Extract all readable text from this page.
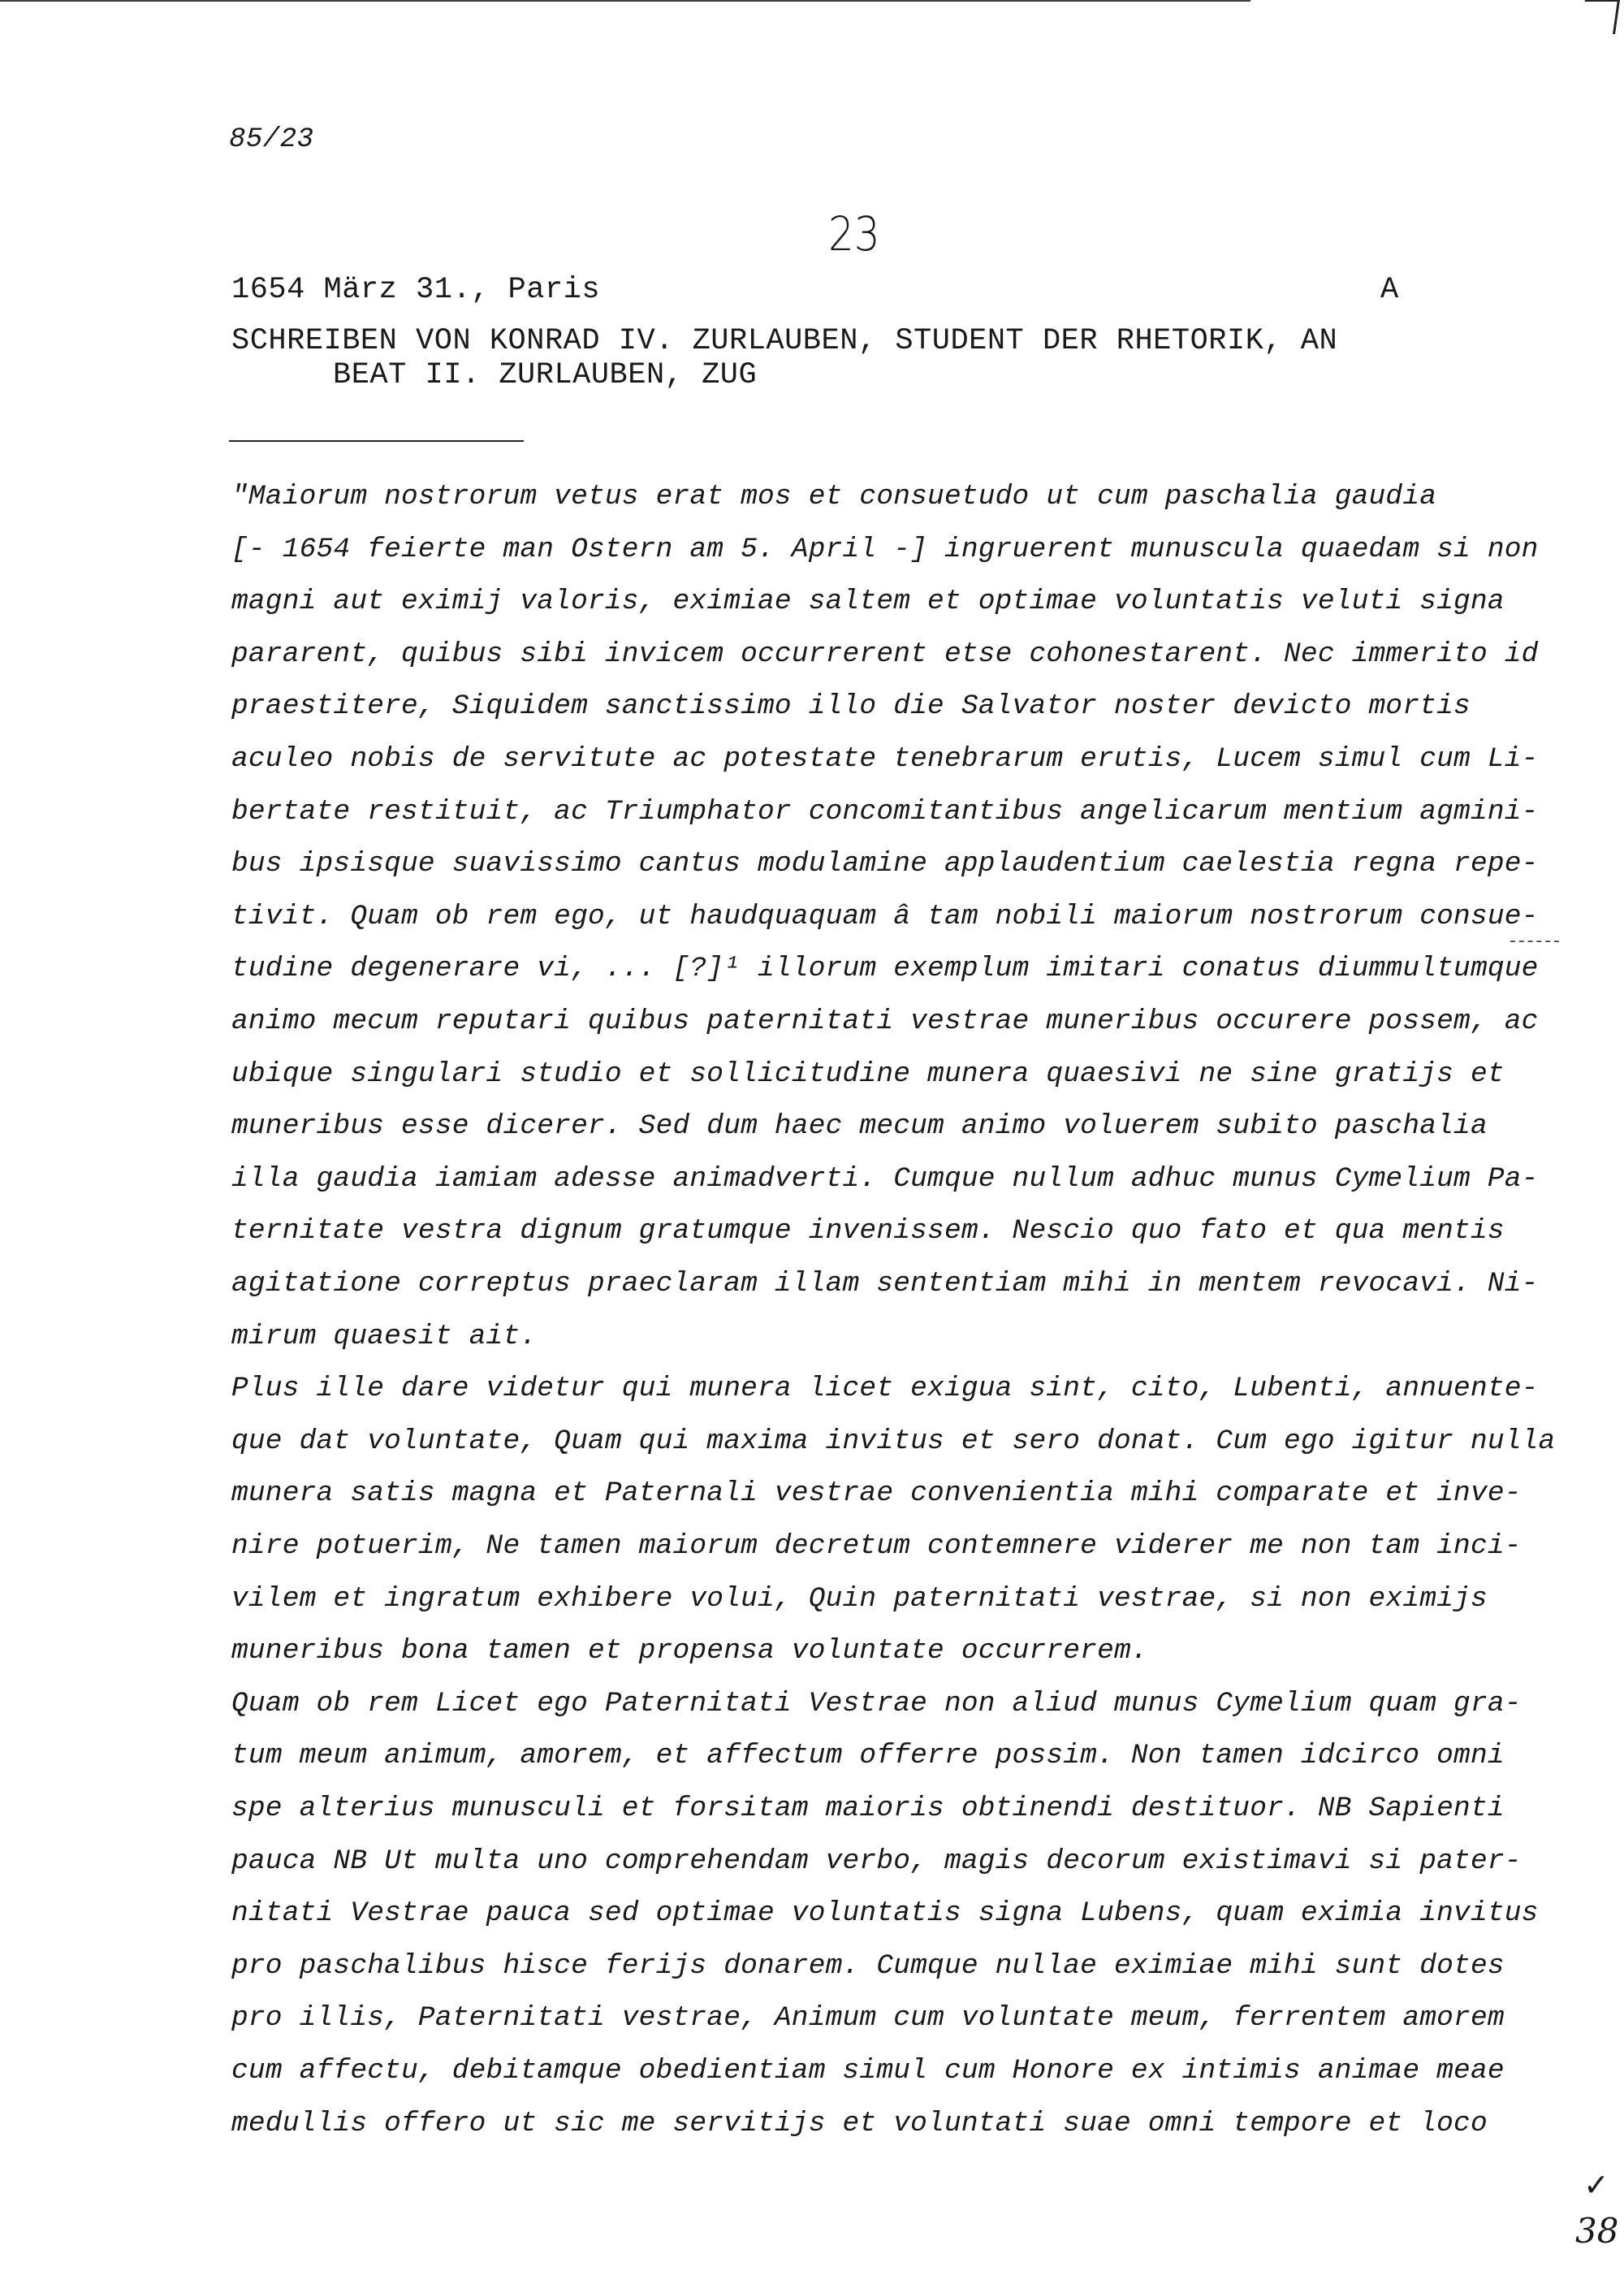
85/23

23

1654 März 31., Paris	A

SCHREIBEN VON KONRAD IV. ZURLAUBEN, STUDENT DER RHETORIK, AN

BEAT II. ZURLAUBEN, ZUG

"Maiorum nostrorum vetus erat mos et consuetudo ut cum paschalia gaudia

[- 1654 feierte man Ostern am 5. April -] ingruerent munuscula quaedam si non

magni aut eximij valoris, eximiae saltem et optimae voluntatis veluti signa

pararent, quibus sibi invicem occurrerent etse cohonestarent. Nec immerito id

praestitere, Siquidem sanctissimo illo die Salvator noster devicto mortis

aculeo nobis de servitute ac potestate tenebrarum erutis, Lucem simul cum Li-

bertate restituit, ac Triumphator concomitantibus angelicarum mentium agmini-

bus ipsisque suavissimo cantus modulamine applaudentium caelestia regna repe-

tivit. Quam ob rem ego, ut haudquaquam â tam nobili maiorum nostrorum consue-

tudine degenerare vi, ... [?]¹ illorum exemplum imitari conatus diummultumque

animo mecum reputari quibus paternitati vestrae muneribus occurere possem, ac

ubique singulari studio et sollicitudine munera quaesivi ne sine gratijs et

muneribus esse dicerer. Sed dum haec mecum animo voluerem subito paschalia

illa gaudia iamiam adesse animadverti. Cumque nullum adhuc munus Cymelium Pa-

ternitate vestra dignum gratumque invenissem. Nescio quo fato et qua mentis

agitatione correptus praeclaram illam sententiam mihi in mentem revocavi. Ni-

mirum quaesit ait.

Plus ille dare videtur qui munera licet exigua sint, cito, Lubenti, annuente-

que dat voluntate, Quam qui maxima invitus et sero donat. Cum ego igitur nulla

munera satis magna et Paternali vestrae convenientia mihi comparate et inve-

nire potuerim, Ne tamen maiorum decretum contemnere viderer me non tam inci-

vilem et ingratum exhibere volui, Quin paternitati vestrae, si non eximijs

muneribus bona tamen et propensa voluntate occurrerem.

Quam ob rem Licet ego Paternitati Vestrae non aliud munus Cymelium quam gra-

tum meum animum, amorem, et affectum offerre possim. Non tamen idcirco omni

spe alterius munusculi et forsitam maioris obtinendi destituor. NB Sapienti

pauca NB Ut multa uno comprehendam verbo, magis decorum existimavi si pater-

nitati Vestrae pauca sed optimae voluntatis signa Lubens, quam eximia invitus

pro paschalibus hisce ferijs donarem. Cumque nullae eximiae mihi sunt dotes

pro illis, Paternitati vestrae, Animum cum voluntate meum, ferrentem amorem

cum affectu, debitamque obedientiam simul cum Honore ex intimis animae meae

medullis offero ut sic me servitijs et voluntati suae omni tempore et loco

✓
38
